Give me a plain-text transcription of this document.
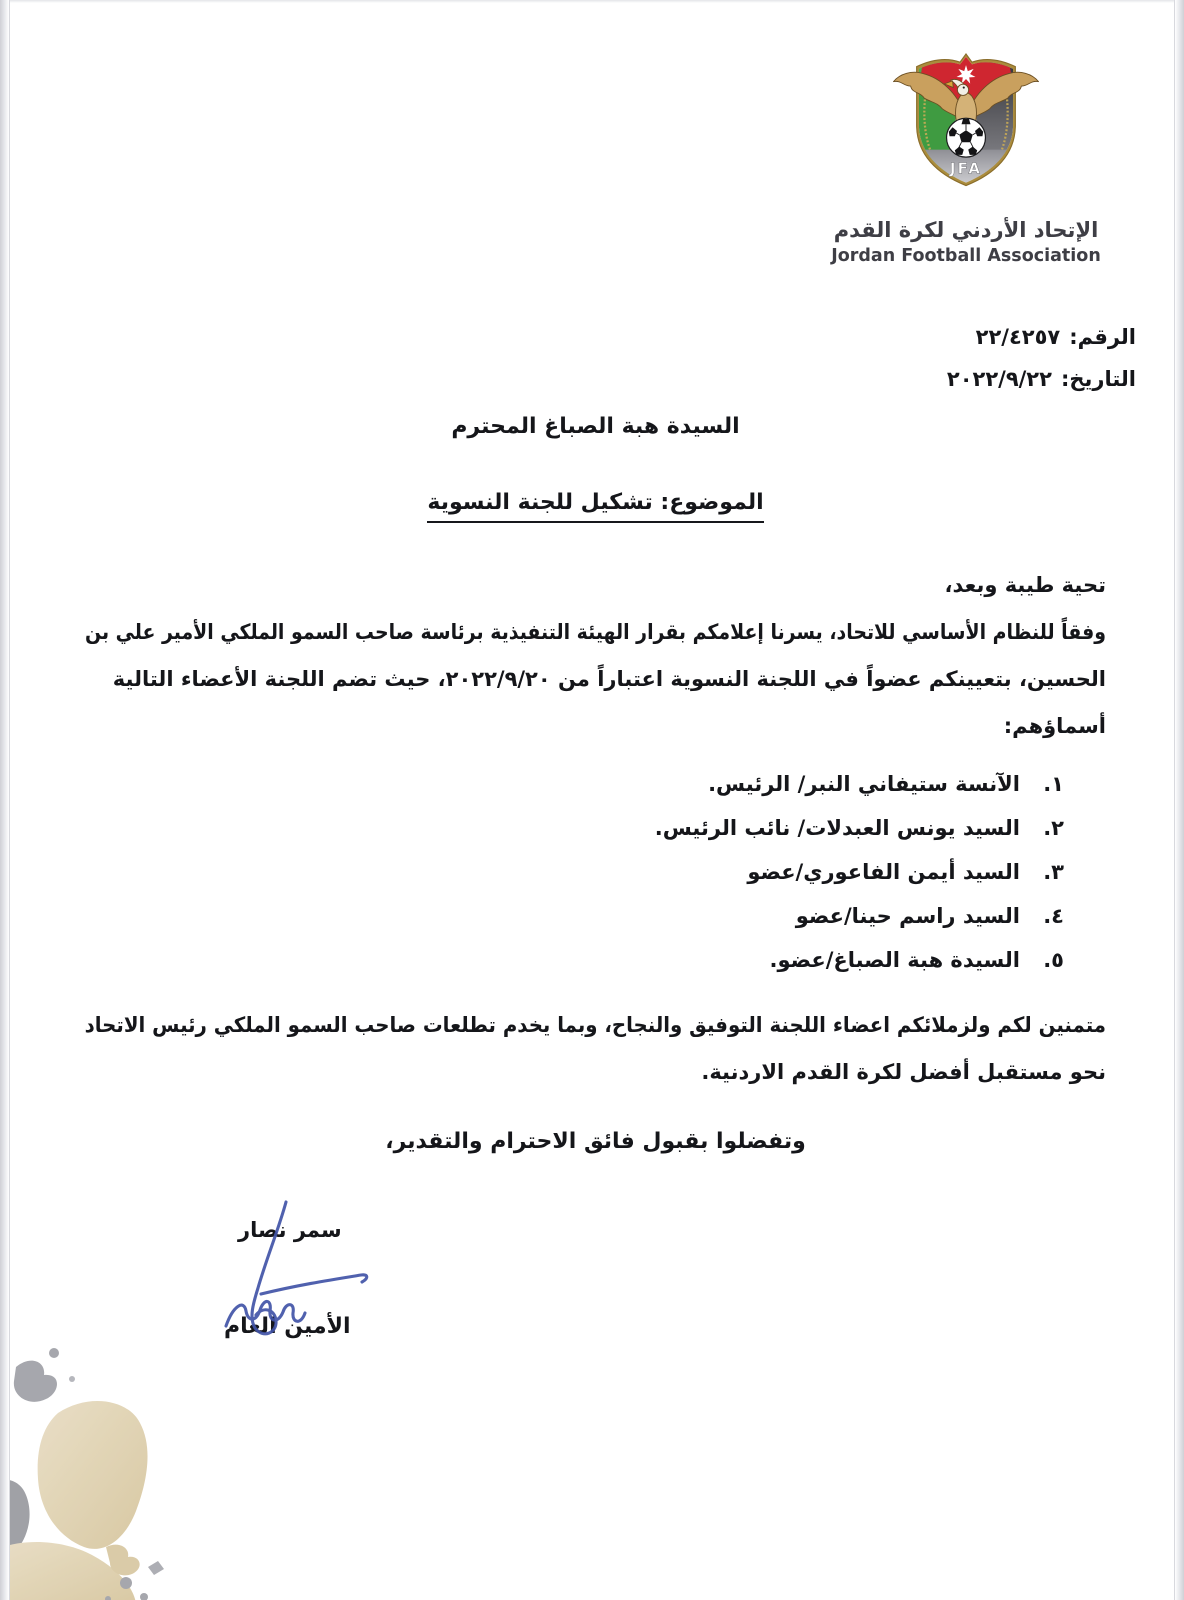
JFA
الإتحاد الأردني لكرة القدم
Jordan Football Association
الرقم:٢٢/٤٢٥٧
التاريخ:٢٠٢٢/٩/٢٢
السيدة هبة الصباغ المحترم
الموضوع: تشكيل للجنة النسوية
تحية طيبة وبعد،
وفقاً للنظام الأساسي للاتحاد، يسرنا إعلامكم بقرار الهيئة التنفيذية برئاسة صاحب السمو الملكي الأمير علي بن
الحسين، بتعيينكم عضواً في اللجنة النسوية اعتباراً من ٢٠٢٢/٩/٢٠، حيث تضم اللجنة الأعضاء التالية
أسماؤهم:
١.
الآنسة ستيفاني النبر/ الرئيس.
٢.
السيد يونس العبدلات/ نائب الرئيس.
٣.
السيد أيمن الفاعوري/عضو
٤.
السيد راسم حينا/عضو
٥.
السيدة هبة الصباغ/عضو.
متمنين لكم ولزملائكم اعضاء اللجنة التوفيق والنجاح، وبما يخدم تطلعات صاحب السمو الملكي رئيس الاتحاد
نحو مستقبل أفضل لكرة القدم الاردنية.
وتفضلوا بقبول فائق الاحترام والتقدير،
سمر نصار
الأمين العام
